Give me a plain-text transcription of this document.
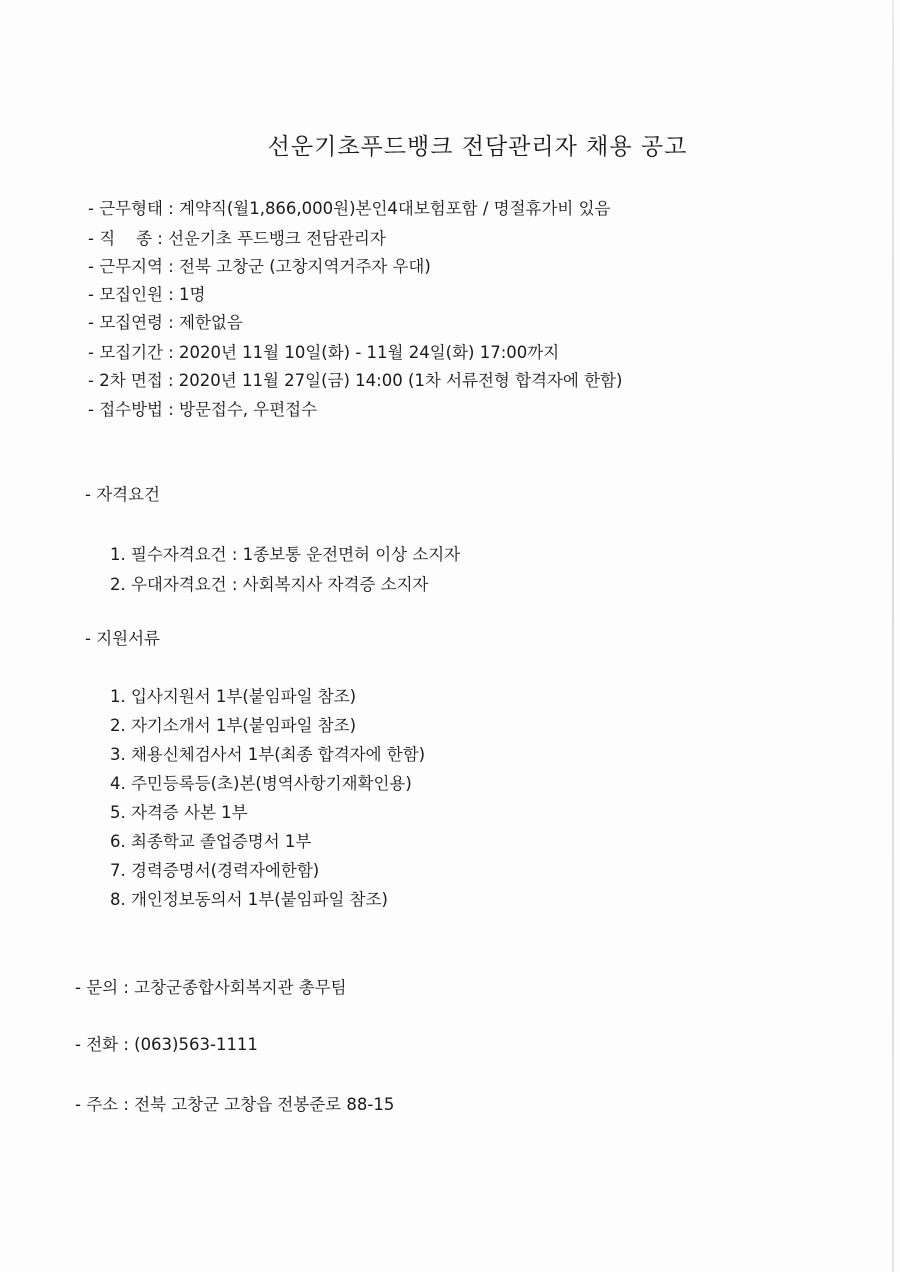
선운기초푸드뱅크 전담관리자 채용 공고
- 근무형태 : 계약직(월1,866,000원)본인4대보험포함 / 명절휴가비 있음
- 직    종 : 선운기초 푸드뱅크 전담관리자
- 근무지역 : 전북 고창군 (고창지역거주자 우대)
- 모집인원 : 1명
- 모집연령 : 제한없음
- 모집기간 : 2020년 11월 10일(화) - 11월 24일(화) 17:00까지
- 2차 면접 : 2020년 11월 27일(금) 14:00 (1차 서류전형 합격자에 한함)
- 접수방법 : 방문접수, 우편접수
- 자격요건
1. 필수자격요건 : 1종보통 운전면허 이상 소지자
2. 우대자격요건 : 사회복지사 자격증 소지자
- 지원서류
1. 입사지원서 1부(붙임파일 참조)
2. 자기소개서 1부(붙임파일 참조)
3. 채용신체검사서 1부(최종 합격자에 한함)
4. 주민등록등(초)본(병역사항기재확인용)
5. 자격증 사본 1부
6. 최종학교 졸업증명서 1부
7. 경력증명서(경력자에한함)
8. 개인정보동의서 1부(붙임파일 참조)
- 문의 : 고창군종합사회복지관 총무팀
- 전화 : (063)563-1111
- 주소 : 전북 고창군 고창읍 전봉준로 88-15
